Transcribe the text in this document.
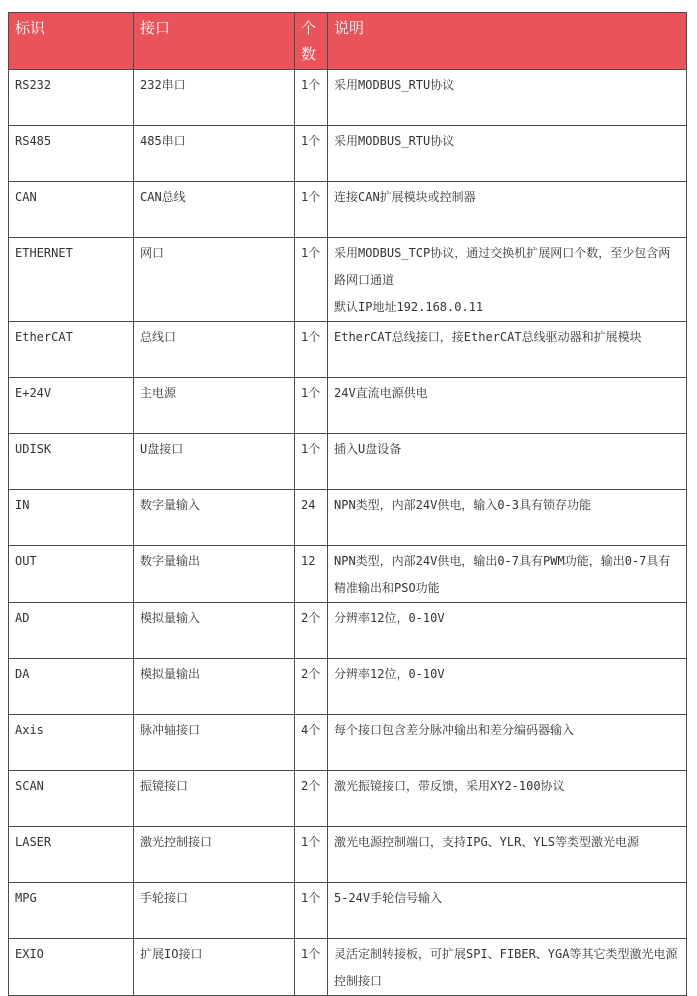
标识	接口	个数	说明
RS232	232串口	1个	采用MODBUS_RTU协议

RS485	485串口	1个	采用MODBUS_RTU协议

CAN	CAN总线	1个	连接CAN扩展模块或控制器

ETHERNET	网口	1个	采用MODBUS_TCP协议，通过交换机扩展网口个数，至少包含两路网口通道
默认IP地址192.168.0.11

EtherCAT	总线口	1个	EtherCAT总线接口，接EtherCAT总线驱动器和扩展模块

E+24V	主电源	1个	24V直流电源供电

UDISK	U盘接口	1个	插入U盘设备

IN	数字量输入	24	NPN类型，内部24V供电，输入0-3具有锁存功能

OUT	数字量输出	12	NPN类型，内部24V供电，输出0-7具有PWM功能，输出0-7具有精准输出和PSO功能

AD	模拟量输入	2个	分辨率12位，0-10V

DA	模拟量输出	2个	分辨率12位，0-10V

Axis	脉冲轴接口	4个	每个接口包含差分脉冲输出和差分编码器输入

SCAN	振镜接口	2个	激光振镜接口，带反馈，采用XY2-100协议

LASER	激光控制接口	1个	激光电源控制端口，支持IPG、YLR、YLS等类型激光电源

MPG	手轮接口	1个	5-24V手轮信号输入

EXIO	扩展IO接口	1个	灵活定制转接板，可扩展SPI、FIBER、YGA等其它类型激光电源控制接口
